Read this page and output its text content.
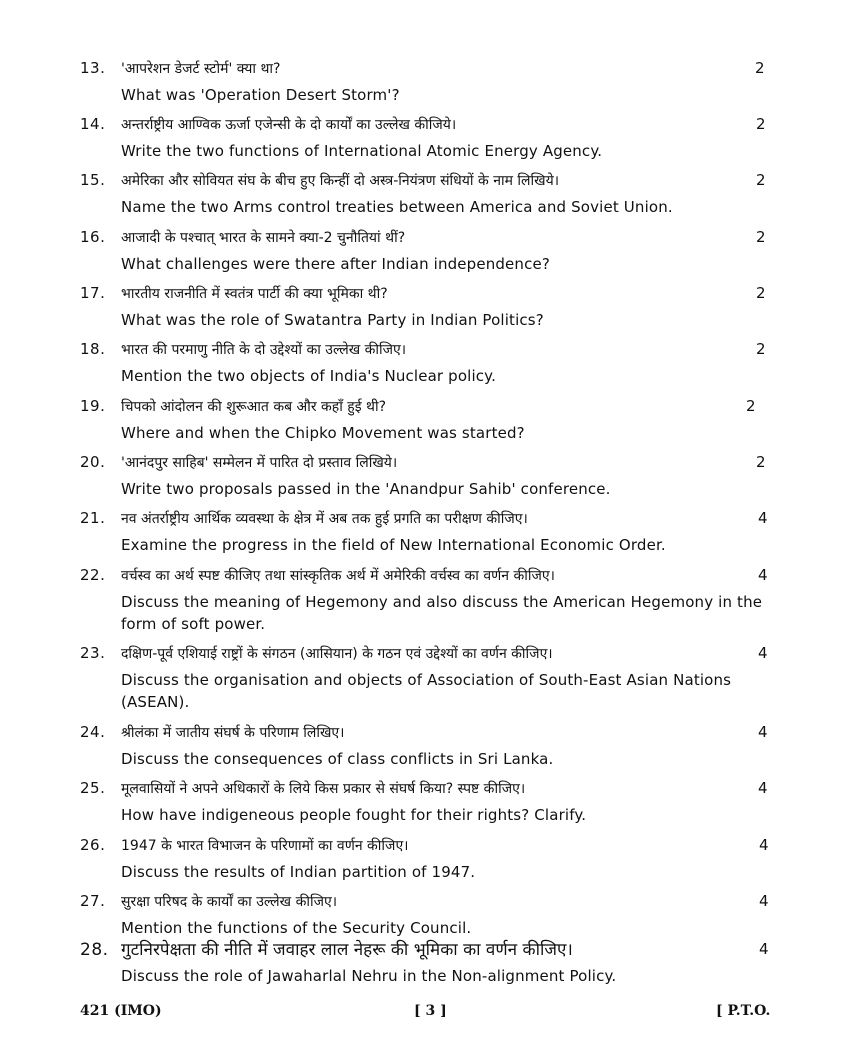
13. 'आपरेशन डेजर्ट स्टोर्म' क्या था?	2
What was 'Operation Desert Storm'?
14. अन्तर्राष्ट्रीय आण्विक ऊर्जा एजेन्सी के दो कार्यों का उल्लेख कीजिये।	2
Write the two functions of International Atomic Energy Agency.
15. अमेरिका और सोवियत संघ के बीच हुए किन्हीं दो अस्त्र-नियंत्रण संधियों के नाम लिखिये।	2
Name the two Arms control treaties between America and Soviet Union.
16. आजादी के पश्चात् भारत के सामने क्या-2 चुनौतियां थीं?	2
What challenges were there after Indian independence?
17. भारतीय राजनीति में स्वतंत्र पार्टी की क्या भूमिका थी?	2
What was the role of Swatantra Party in Indian Politics?
18. भारत की परमाणु नीति के दो उद्देश्यों का उल्लेख कीजिए।	2
Mention the two objects of India's Nuclear policy.
19. चिपको आंदोलन की शुरूआत कब और कहाँ हुई थी?	2
Where and when the Chipko Movement was started?
20. 'आनंदपुर साहिब' सम्मेलन में पारित दो प्रस्ताव लिखिये।	2
Write two proposals passed in the 'Anandpur Sahib' conference.
21. नव अंतर्राष्ट्रीय आर्थिक व्यवस्था के क्षेत्र में अब तक हुई प्रगति का परीक्षण कीजिए।	4
Examine the progress in the field of New International Economic Order.
22. वर्चस्व का अर्थ स्पष्ट कीजिए तथा सांस्कृतिक अर्थ में अमेरिकी वर्चस्व का वर्णन कीजिए।	4
Discuss the meaning of Hegemony and also discuss the American Hegemony in the form of soft power.
23. दक्षिण-पूर्व एशियाई राष्ट्रों के संगठन (आसियान) के गठन एवं उद्देश्यों का वर्णन कीजिए।	4
Discuss the organisation and objects of Association of South-East Asian Nations (ASEAN).
24. श्रीलंका में जातीय संघर्ष के परिणाम लिखिए।	4
Discuss the consequences of class conflicts in Sri Lanka.
25. मूलवासियों ने अपने अधिकारों के लिये किस प्रकार से संघर्ष किया? स्पष्ट कीजिए।	4
How have indigeneous people fought for their rights? Clarify.
26. 1947 के भारत विभाजन के परिणामों का वर्णन कीजिए।	4
Discuss the results of Indian partition of 1947.
27. सुरक्षा परिषद के कार्यों का उल्लेख कीजिए।	4
Mention the functions of the Security Council.
28. गुटनिरपेक्षता की नीति में जवाहर लाल नेहरू की भूमिका का वर्णन कीजिए।	4
Discuss the role of Jawaharlal Nehru in the Non-alignment Policy.
421 (IMO)	[ 3 ]	[ P.T.O.
